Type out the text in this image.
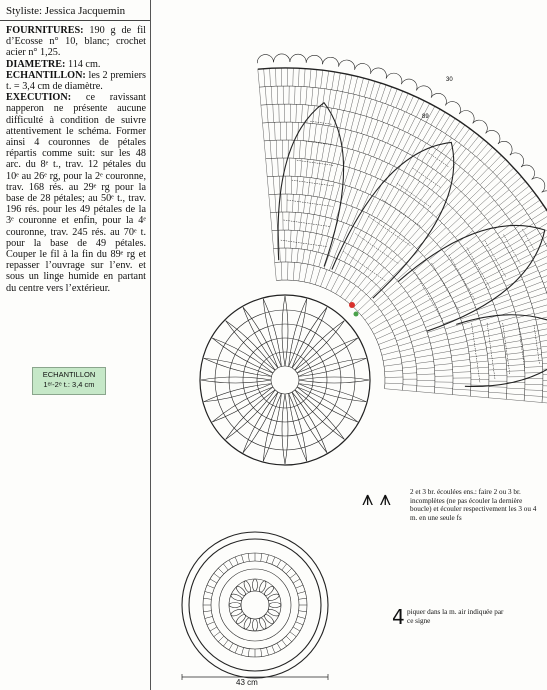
Styliste: Jessica Jacquemin

FOURNITURES: 190 g de fil d’Ecosse n° 10, blanc; crochet acier n° 1,25.

DIAMETRE: 114 cm.

ECHANTILLON: les 2 premiers t. = 3,4 cm de diamètre.

EXECUTION: ce ravissant napperon ne présente aucune difficulté à condition de suivre attentivement le schéma. Former ainsi 4 couronnes de pétales répartis comme suit: sur les 48 arc. du 8ᵉ t., trav. 12 pétales du 10ᵉ au 26ᵉ rg, pour la 2ᵉ couronne, trav. 168 rés. au 29ᵉ rg pour la base de 28 pétales; au 50ᵉ t., trav. 196 rés. pour les 49 pétales de la 3ᵉ couronne et enfin, pour la 4ᵉ couronne, trav. 245 rés. au 70ᵉ t. pour la base de 49 pétales. Couper le fil à la fin du 89ᵉ rg et repasser l’ouvrage sur l’env. et sous un linge humide en partant du centre vers l’extérieur.

ECHANTILLON
1ᵉʳ-2ᵉ t.: 3,4 cm
30
89
⩚ ⩚	2 et 3 br. écoulées ens.: faire 2 ou 3 br. incomplètes (ne pas écouler la dernière boucle) et écouler respectivement les 3 ou 4 m. en une seule fs
4 piquer dans la m. air indiquée par ce signe
43 cm
